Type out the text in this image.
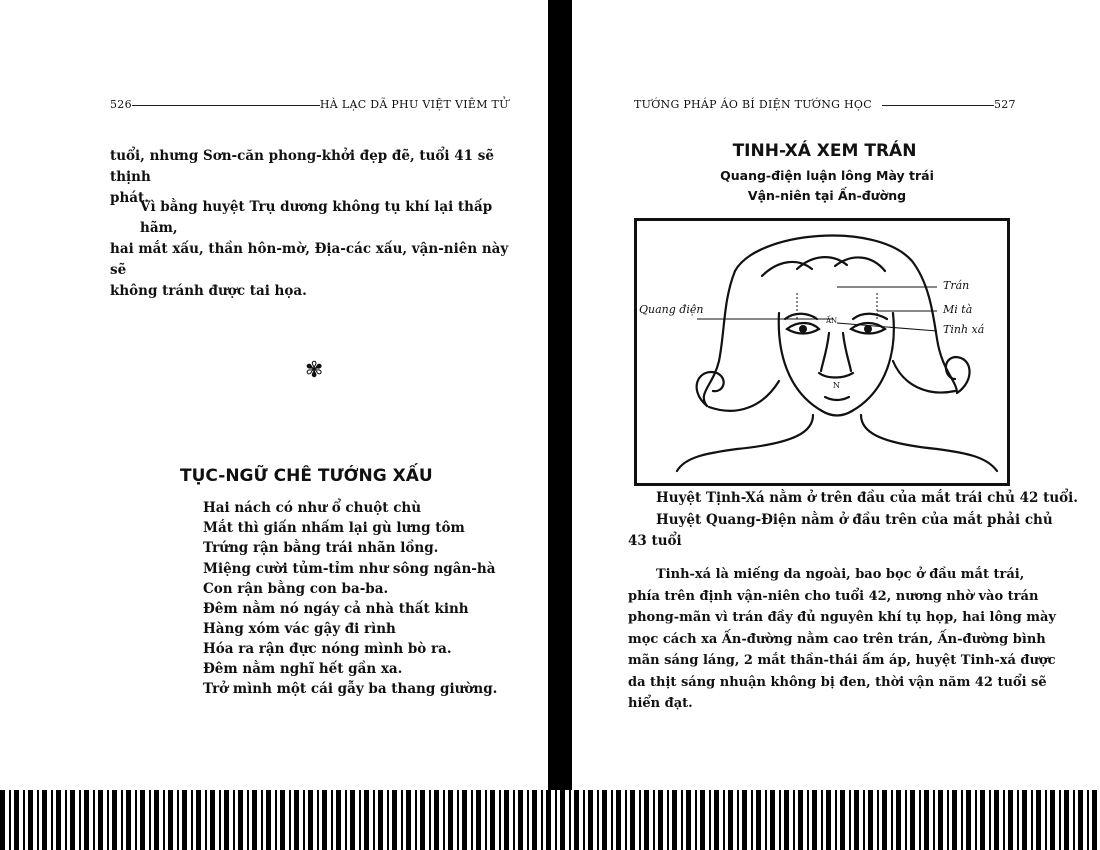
526	HÀ LẠC DÃ PHU VIỆT VIÊM TỬ
tuổi, nhưng Sơn-căn phong-khởi đẹp đẽ, tuổi 41 sẽ thịnh
phát.
Vì bằng huyệt Trụ dương không tụ khí lại thấp hãm,
hai mắt xấu, thần hôn-mờ, Địa-các xấu, vận-niên này sẽ
không tránh được tai họa.
✾
TỤC-NGỮ CHÊ TƯỚNG XẤU
Hai nách có như ổ chuột chù
Mắt thì giấn nhấm lại gù lưng tôm
Trứng rận bằng trái nhãn lồng.
Miệng cười tủm-tỉm như sông ngân-hà
Con rận bằng con ba-ba.
Đêm nằm nó ngáy cả nhà thất kinh
Hàng xóm vác gậy đi rình
Hóa ra rận đực nóng mình bò ra.
Đêm nằm nghĩ hết gần xa.
Trở mình một cái gẫy ba thang giường.
TƯỚNG PHÁP ÁO BÍ DIỆN TƯỚNG HỌC	527
TINH-XÁ XEM TRÁN
Quang-điện luận lông Mày trái
Vận-niên tại Ấn-đường
Quang điện
Trán
Mi tà
Tinh xá
ẤN
N
Huyệt Tịnh-Xá nằm ở trên đầu của mắt trái chủ 42 tuổi.
Huyệt Quang-Điện nằm ở đầu trên của mắt phải chủ
43 tuổi
Tinh-xá là miếng da ngoài, bao bọc ở đầu mắt trái,
phía trên định vận-niên cho tuổi 42, nương nhờ vào trán
phong-mãn vì trán đầy đủ nguyên khí tụ họp, hai lông mày
mọc cách xa Ấn-đường nằm cao trên trán, Ấn-đường bình
mãn sáng láng, 2 mắt thần-thái ấm áp, huyệt Tinh-xá được
da thịt sáng nhuận không bị đen, thời vận năm 42 tuổi sẽ
hiển đạt.
